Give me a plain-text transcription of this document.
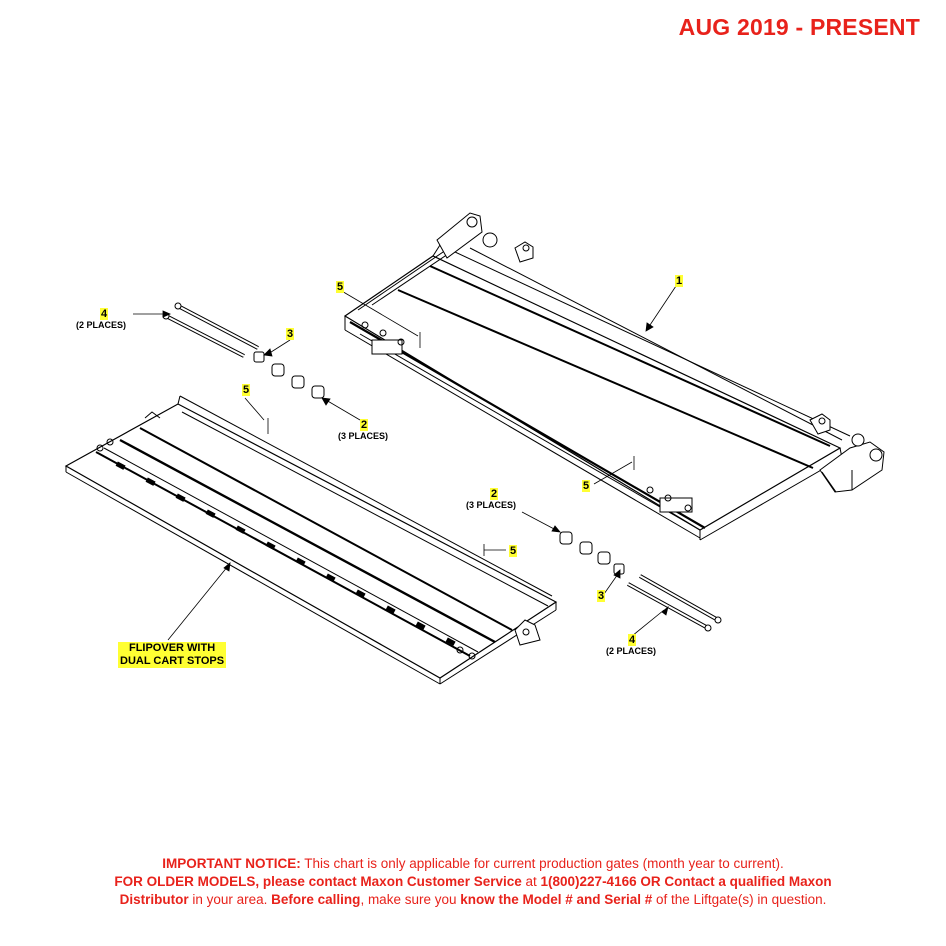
AUG 2019 - PRESENT
1
4
(2 PLACES)
3
5
5
2
(3 PLACES)
5
2
(3 PLACES)
5
3
4
(2 PLACES)
FLIPOVER WITH
DUAL CART STOPS
IMPORTANT NOTICE: This chart is only applicable for current production gates (month year to current).
FOR OLDER MODELS, please contact Maxon Customer Service at 1(800)227-4166 OR Contact a qualified Maxon
Distributor in your area. Before calling, make sure you know the Model # and Serial # of the Liftgate(s) in question.
